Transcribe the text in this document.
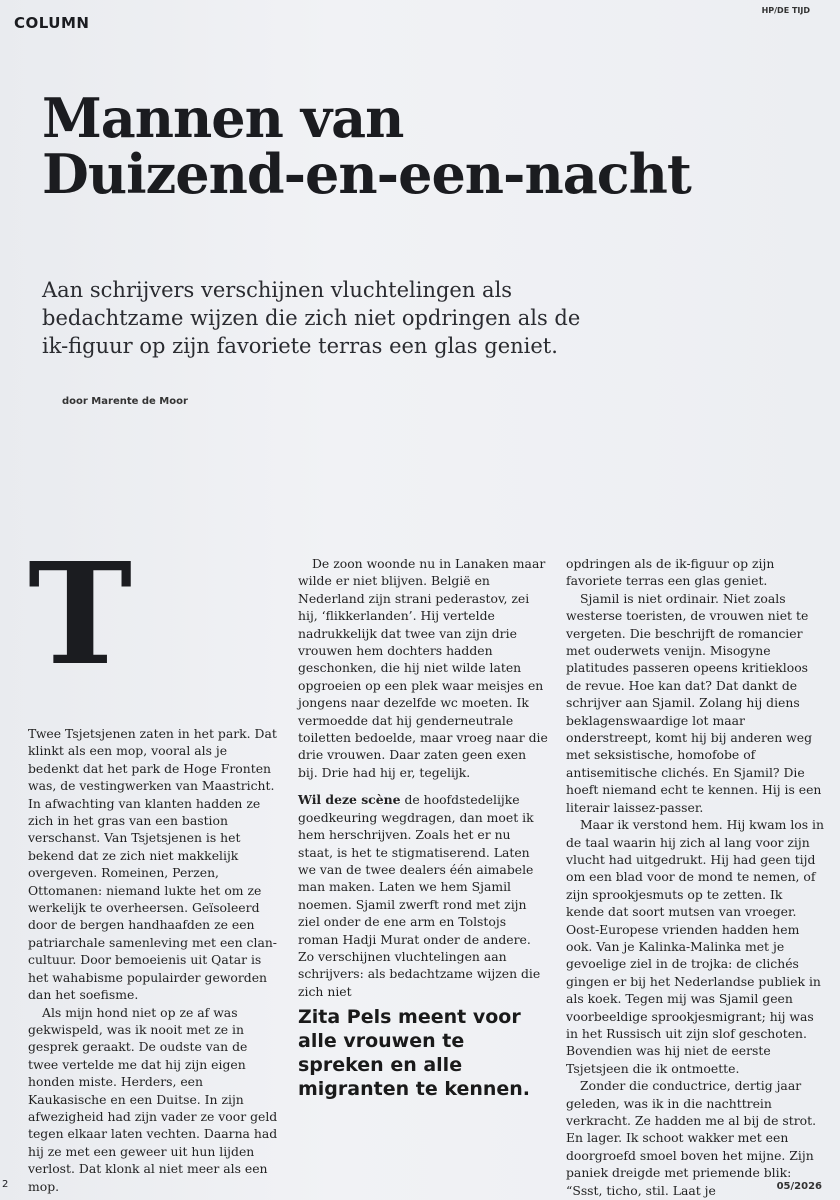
COLUMN
HP/DE TIJD
Mannen van
Duizend-en-een-nacht
Aan schrijvers verschijnen vluchtelingen als bedachtzame wijzen die zich niet opdringen als de ik-figuur op zijn favoriete terras een glas geniet.
door Marente de Moor
T

Twee Tsjetsjenen zaten in het park. Dat klinkt als een mop, vooral als je bedenkt dat het park de Hoge Fronten was, de vestingwerken van Maastricht. In afwachting van klanten hadden ze zich in het gras van een bastion verschanst. Van Tsjetsjenen is het bekend dat ze zich niet makkelijk overgeven. Romeinen, Perzen, Ottomanen: niemand lukte het om ze werkelijk te overheersen. Geïsoleerd door de bergen handhaafden ze een patriarchale samenleving met een clan-cultuur. Door bemoeienis uit Qatar is het wahabisme populairder geworden dan het soefisme.

Als mijn hond niet op ze af was gekwispeld, was ik nooit met ze in gesprek geraakt. De oudste van de twee vertelde me dat hij zijn eigen honden miste. Herders, een Kaukasische en een Duitse. In zijn afwezigheid had zijn vader ze voor geld tegen elkaar laten vechten. Daarna had hij ze met een geweer uit hun lijden verlost. Dat klonk al niet meer als een mop.

De zoon woonde nu in Lanaken maar wilde er niet blijven. België en Nederland zijn strani pederastov, zei hij, ‘flikkerlanden’. Hij vertelde nadrukkelijk dat twee van zijn drie vrouwen hem dochters hadden geschonken, die hij niet wilde laten opgroeien op een plek waar meisjes en jongens naar dezelfde wc moeten. Ik vermoedde dat hij genderneutrale toiletten bedoelde, maar vroeg naar die drie vrouwen. Daar zaten geen exen bij. Drie had hij er, tegelijk.

Wil deze scène de hoofdstedelijke goedkeuring wegdragen, dan moet ik hem herschrijven. Zoals het er nu staat, is het te stigmatiserend. Laten we van de twee dealers één aimabele man maken. Laten we hem Sjamil noemen. Sjamil zwerft rond met zijn ziel onder de ene arm en Tolstojs roman Hadji Murat onder de andere. Zo verschijnen vluchtelingen aan schrijvers: als bedachtzame wijzen die zich niet

Zita Pels meent voor alle vrouwen te spreken en alle migranten te kennen.

opdringen als de ik-figuur op zijn favoriete terras een glas geniet.

Sjamil is niet ordinair. Niet zoals westerse toeristen, de vrouwen niet te vergeten. Die beschrijft de romancier met ouderwets venijn. Misogyne platitudes passeren opeens kritiekloos de revue. Hoe kan dat? Dat dankt de schrijver aan Sjamil. Zolang hij diens beklagenswaardige lot maar onderstreept, komt hij bij anderen weg met seksistische, homofobe of antisemitische clichés. En Sjamil? Die hoeft niemand echt te kennen. Hij is een literair laissez-passer.

Maar ik verstond hem. Hij kwam los in de taal waarin hij zich al lang voor zijn vlucht had uitgedrukt. Hij had geen tijd om een blad voor de mond te nemen, of zijn sprookjesmuts op te zetten. Ik kende dat soort mutsen van vroeger. Oost-Europese vrienden hadden hem ook. Van je Kalinka-Malinka met je gevoelige ziel in de trojka: de clichés gingen er bij het Nederlandse publiek in als koek. Tegen mij was Sjamil geen voorbeeldige sprookjesmigrant; hij was in het Russisch uit zijn slof geschoten. Bovendien was hij niet de eerste Tsjetsjeen die ik ontmoette.

Zonder die conductrice, dertig jaar geleden, was ik in die nachttrein verkracht. Ze hadden me al bij de strot. En lager. Ik schoot wakker met een doorgroefd smoel boven het mijne. Zijn paniek dreigde met priemende blik: “Ssst, ticho, stil. Laat je

2	05/2026
